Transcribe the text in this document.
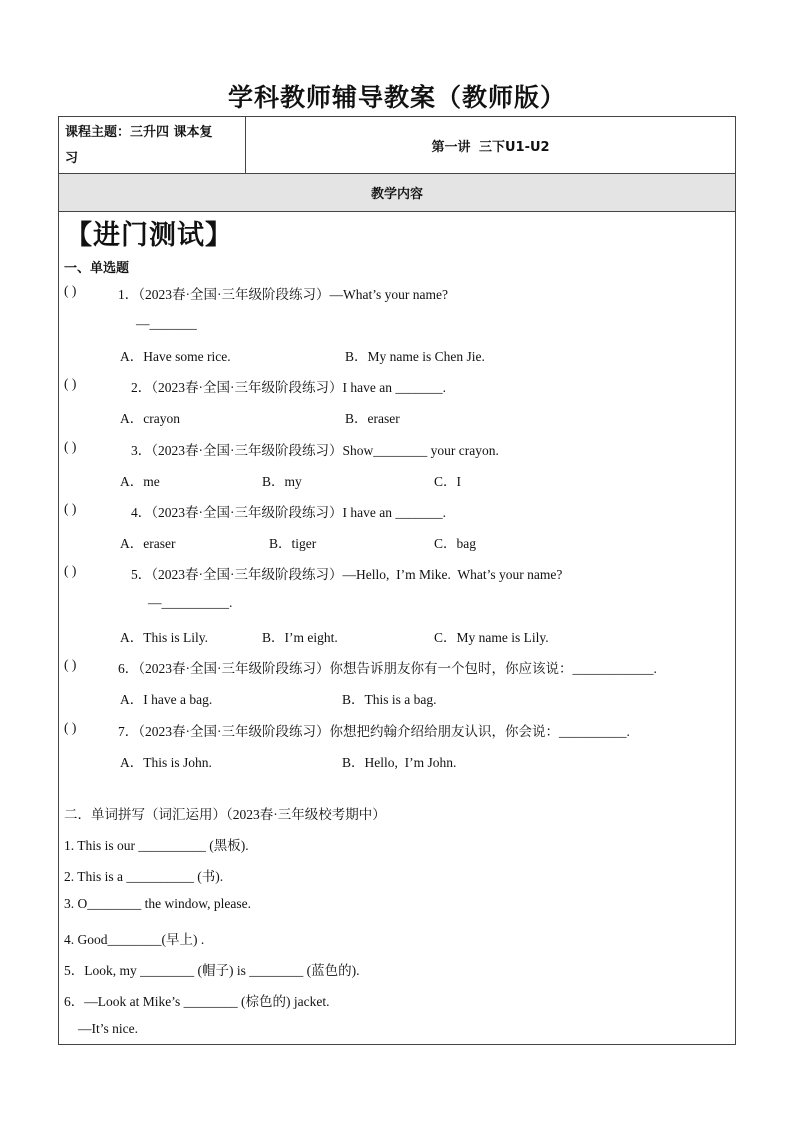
学科教师辅导教案（教师版）
课程主题：三升四 课本复
习
第一讲 三下U1-U2
教学内容
【进门测试】
一、单选题
( )	1．（2023春·全国·三年级阶段练习）—What’s your name?
—_______
A．Have some rice.	B．My name is Chen Jie.
( )	2．（2023春·全国·三年级阶段练习）I have an _______.
A．crayon	B．eraser
( )	3．（2023春·全国·三年级阶段练习）Show________ your crayon.
A．me	B．my	C．I
( )	4．（2023春·全国·三年级阶段练习）I have an _______.
A．eraser	B．tiger	C．bag
( )	5．（2023春·全国·三年级阶段练习）—Hello,  I’m Mike.  What’s your name?
—__________.
A．This is Lily.	B．I’m eight.	C．My name is Lily.
( )	6．（2023春·全国·三年级阶段练习）你想告诉朋友你有一个包时，你应该说：____________.
A．I have a bag.	B．This is a bag.
( )	7．（2023春·全国·三年级阶段练习）你想把约翰介绍给朋友认识，你会说：__________.
A．This is John.	B．Hello,  I’m John.
二．单词拼写（词汇运用）（2023春·三年级校考期中）
1. This is our __________ (黑板).
2. This is a __________ (书).
3. O________ the window, please.
4. Good________(早上) .
5．Look, my ________ (帽子) is ________ (蓝色的).
6．—Look at Mike’s ________ (棕色的) jacket.
—It’s nice.
